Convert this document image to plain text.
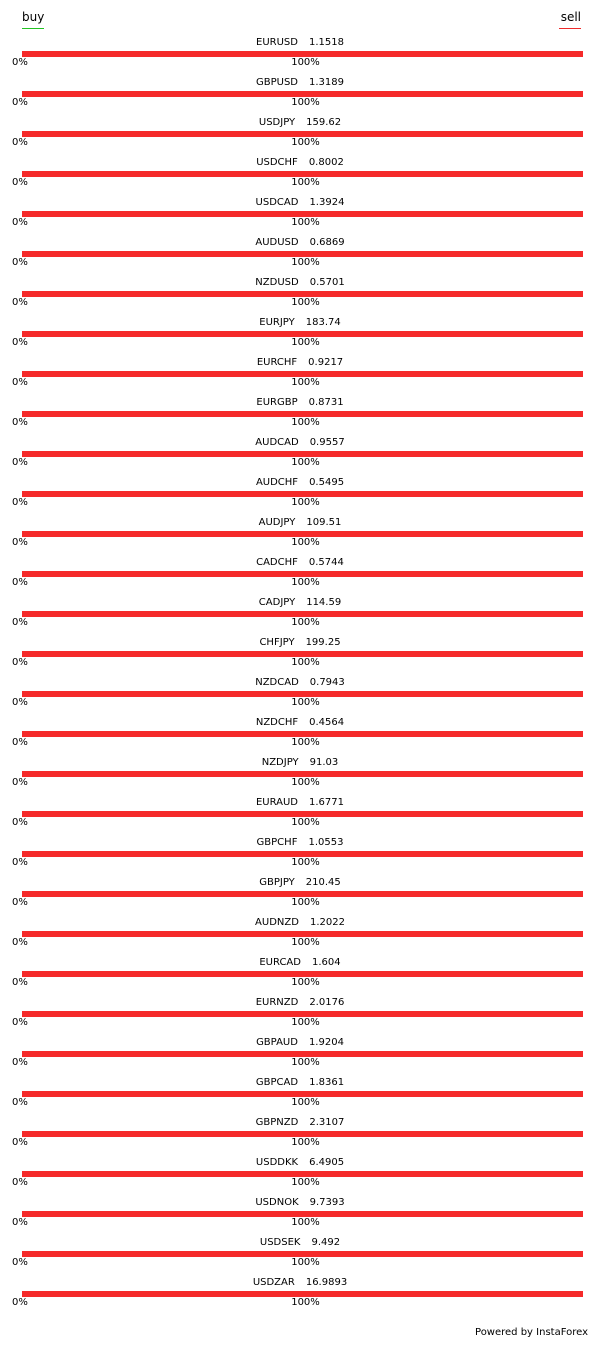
buy	sell
EURUSD 1.1518
0%	100%
GBPUSD 1.3189
0%	100%
USDJPY 159.62
0%	100%
USDCHF 0.8002
0%	100%
USDCAD 1.3924
0%	100%
AUDUSD 0.6869
0%	100%
NZDUSD 0.5701
0%	100%
EURJPY 183.74
0%	100%
EURCHF 0.9217
0%	100%
EURGBP 0.8731
0%	100%
AUDCAD 0.9557
0%	100%
AUDCHF 0.5495
0%	100%
AUDJPY 109.51
0%	100%
CADCHF 0.5744
0%	100%
CADJPY 114.59
0%	100%
CHFJPY 199.25
0%	100%
NZDCAD 0.7943
0%	100%
NZDCHF 0.4564
0%	100%
NZDJPY 91.03
0%	100%
EURAUD 1.6771
0%	100%
GBPCHF 1.0553
0%	100%
GBPJPY 210.45
0%	100%
AUDNZD 1.2022
0%	100%
EURCAD 1.604
0%	100%
EURNZD 2.0176
0%	100%
GBPAUD 1.9204
0%	100%
GBPCAD 1.8361
0%	100%
GBPNZD 2.3107
0%	100%
USDDKK 6.4905
0%	100%
USDNOK 9.7393
0%	100%
USDSEK 9.492
0%	100%
USDZAR 16.9893
0%	100%
Powered by InstaForex
